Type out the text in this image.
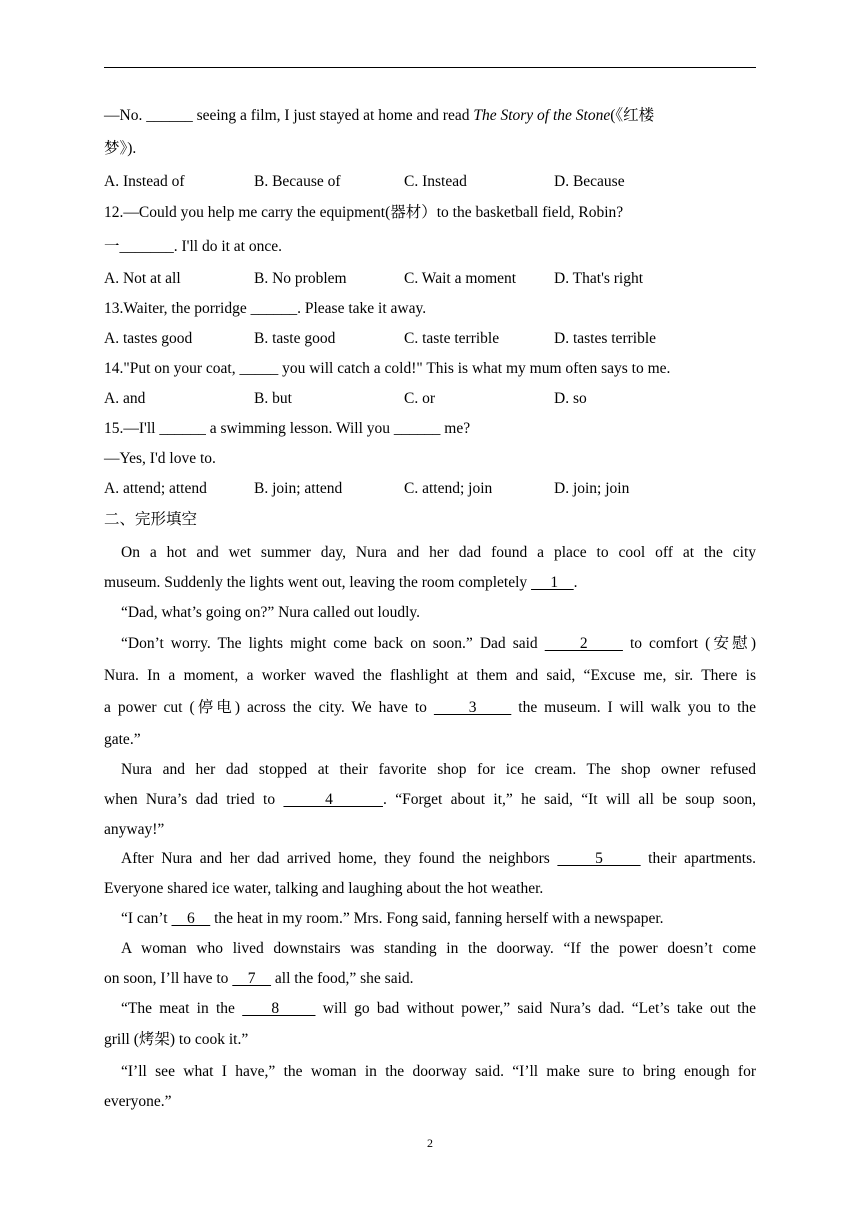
—No. ______ seeing a film, I just stayed at home and read The Story of the Stone(《红楼
梦》).
A. Instead of	B. Because of	C. Instead	D. Because
12.—Could you help me carry the equipment(器材）to the basketball field, Robin?
一_______. I'll do it at once.
A. Not at all	B. No problem	C. Wait a moment D. That's right
13.Waiter, the porridge ______. Please take it away.
A. tastes good	B. taste good	C. taste terrible	D. tastes terrible
14."Put on your coat, _____ you will catch a cold!" This is what my mum often says to me.
A. and	B. but	C. or	D. so
15.—I'll ______ a swimming lesson. Will you ______ me?
—Yes, I'd love to.
A. attend; attend	B. join; attend	C. attend; join	D. join; join
二、完形填空
On a hot and wet summer day, Nura and her dad found a place to cool off at the city
museum. Suddenly the lights went out, leaving the room completely      1    .
“Dad, what’s going on?” Nura called out loudly.
“Don’t worry. The lights might come back on soon.” Dad said      2      to comfort (安慰)
Nura. In a moment, a worker waved the flashlight at them and said, “Excuse me, sir. There is
a power cut (停电) across the city. We have to      3      the museum. I will walk you to the
gate.”
Nura and her dad stopped at their favorite shop for ice cream. The shop owner refused
when Nura’s dad tried to      4      . “Forget about it,” he said, “It will all be soup soon,
anyway!”
After Nura and her dad arrived home, they found the neighbors      5      their apartments.
Everyone shared ice water, talking and laughing about the hot weather.
“I can’t     6     the heat in my room.” Mrs. Fong said, fanning herself with a newspaper.
A woman who lived downstairs was standing in the doorway. “If the power doesn’t come
on soon, I’ll have to     7     all the food,” she said.
“The meat in the     8      will go bad without power,” said Nura’s dad. “Let’s take out the
grill (烤架) to cook it.”
“I’ll see what I have,” the woman in the doorway said. “I’ll make sure to bring enough for
everyone.”
2
